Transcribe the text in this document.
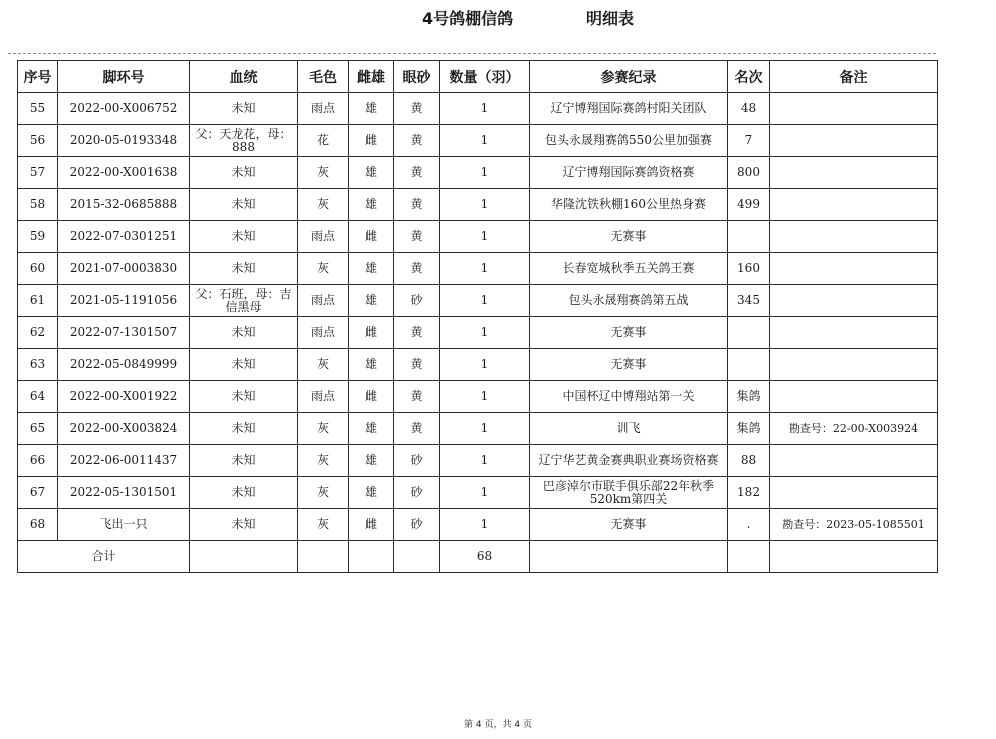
4号鸽棚信鸽	明细表
序号	脚环号	血统	毛色	雌雄	眼砂	数量（羽）	参赛纪录	名次	备注
55	2022-00-X006752	未知	雨点	雄	黄	1	辽宁博翔国际赛鸽村阳关团队	48	
56	2020-05-0193348	父：天龙花，母：888	花	雌	黄	1	包头永晟翔赛鸽550公里加强赛	7	
57	2022-00-X001638	未知	灰	雄	黄	1	辽宁博翔国际赛鸽资格赛	800	
58	2015-32-0685888	未知	灰	雄	黄	1	华隆沈铁秋棚160公里热身赛	499	
59	2022-07-0301251	未知	雨点	雌	黄	1	无赛事		
60	2021-07-0003830	未知	灰	雄	黄	1	长春宽城秋季五关鸽王赛	160	
61	2021-05-1191056	父：石班，母：吉信黑母	雨点	雄	砂	1	包头永晟翔赛鸽第五战	345	
62	2022-07-1301507	未知	雨点	雌	黄	1	无赛事		
63	2022-05-0849999	未知	灰	雄	黄	1	无赛事		
64	2022-00-X001922	未知	雨点	雌	黄	1	中国杯辽中博翔站第一关	集鸽	
65	2022-00-X003824	未知	灰	雄	黄	1	训飞	集鸽	勘查号：22-00-X003924
66	2022-06-0011437	未知	灰	雄	砂	1	辽宁华艺黄金赛典职业赛场资格赛	88	
67	2022-05-1301501	未知	灰	雄	砂	1	巴彦淖尔市联手俱乐部22年秋季520km第四关	182	
68	飞出一只	未知	灰	雌	砂	1	无赛事	.	勘查号：2023-05-1085501
合计						68			
第 4 页，共 4 页
